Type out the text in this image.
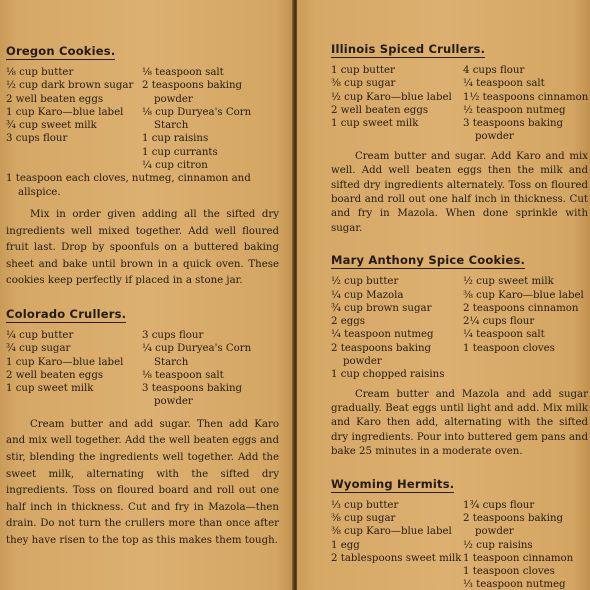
Oregon Cookies.
⅛ cup butter
½ cup dark brown sugar
2 well beaten eggs
1 cup Karo—blue label
¾ cup sweet milk
3 cups flour
⅛ teaspoon salt
2 teaspoons baking powder
⅛ cup Duryea's Corn Starch
1 cup raisins
1 cup currants
¼ cup citron
1 teaspoon each cloves, nutmeg, cinnamon and allspice.
Mix in order given adding all the sifted dry ingredients well mixed together. Add well floured fruit last. Drop by spoonfuls on a buttered baking sheet and bake until brown in a quick oven. These cookies keep perfectly if placed in a stone jar.
Colorado Crullers.
¼ cup butter
¾ cup sugar
1 cup Karo—blue label
2 well beaten eggs
1 cup sweet milk
3 cups flour
¼ cup Duryea's Corn Starch
⅛ teaspoon salt
3 teaspoons baking powder
Cream butter and add sugar. Then add Karo and mix well together. Add the well beaten eggs and stir, blending the ingredients well together. Add the sweet milk, alternating with the sifted dry ingredients. Toss on floured board and roll out one half inch in thickness. Cut and fry in Mazola—then drain. Do not turn the crullers more than once after they have risen to the top as this makes them tough.
Illinois Spiced Crullers.
1 cup butter
⅜ cup sugar
½ cup Karo—blue label
2 well beaten eggs
1 cup sweet milk
4 cups flour
¼ teaspoon salt
1½ teaspoons cinnamon
½ teaspoon nutmeg
3 teaspoons baking powder
Cream butter and sugar. Add Karo and mix well. Add well beaten eggs then the milk and sifted dry ingredients alternately. Toss on floured board and roll out one half inch in thickness. Cut and fry in Mazola. When done sprinkle with sugar.
Mary Anthony Spice Cookies.
½ cup butter
¼ cup Mazola
¾ cup brown sugar
2 eggs
¼ teaspoon nutmeg
2 teaspoons baking powder
½ cup sweet milk
⅜ cup Karo—blue label
2 teaspoons cinnamon
2¼ cups flour
¼ teaspoon salt
1 teaspoon cloves
1 cup chopped raisins
Cream butter and Mazola and add sugar gradually. Beat eggs until light and add. Mix milk and Karo then add, alternating with the sifted dry ingredients. Pour into buttered gem pans and bake 25 minutes in a moderate oven.
Wyoming Hermits.
⅓ cup butter
⅜ cup sugar
⅜ cup Karo—blue label
1 egg
2 tablespoons sweet milk
1¾ cups flour
2 teaspoons baking powder
½ cup raisins
1 teaspoon cinnamon
1 teaspoon cloves
⅓ teaspoon nutmeg
